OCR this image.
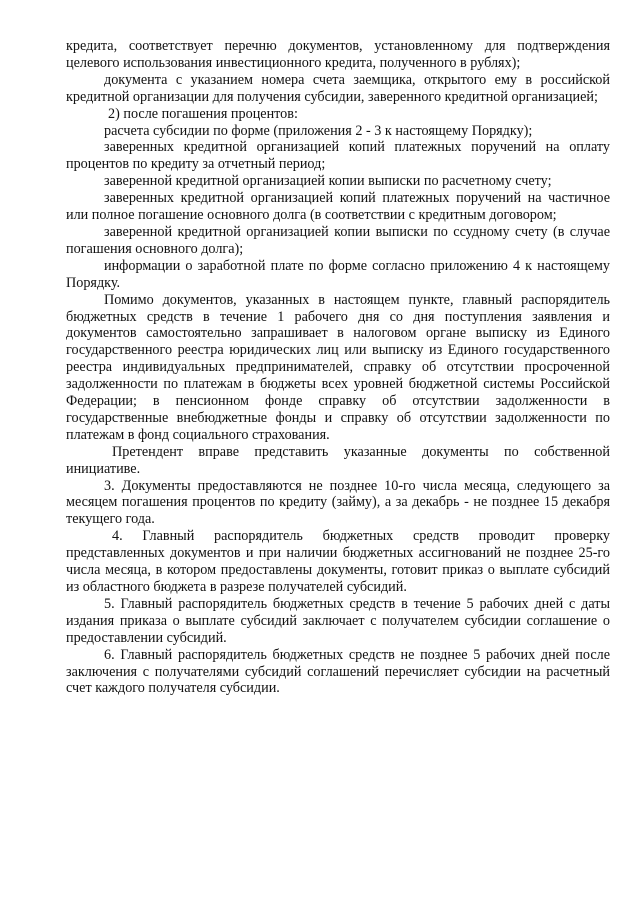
кредита, соответствует перечню документов, установленному для подтверждения целевого использования инвестиционного кредита, полученного в рублях);

документа с указанием номера счета заемщика, открытого ему в российской кредитной организации для получения субсидии, заверенного кредитной организацией;

2) после погашения процентов:

расчета субсидии по форме (приложения 2 - 3 к настоящему Порядку);

заверенных кредитной организацией копий платежных поручений на оплату процентов по кредиту за отчетный период;

заверенной кредитной организацией копии выписки по расчетному счету;

заверенных кредитной организацией копий платежных поручений на частичное или полное погашение основного долга (в соответствии с кредитным договором;

заверенной кредитной организацией копии выписки по ссудному счету (в случае погашения основного долга);

информации о заработной плате по форме согласно приложению 4 к настоящему Порядку.

Помимо документов, указанных в настоящем пункте, главный распорядитель бюджетных средств в течение 1 рабочего дня со дня поступления заявления и документов самостоятельно запрашивает в налоговом органе выписку из Единого государственного реестра юридических лиц или выписку из Единого государственного реестра индивидуальных предпринимателей, справку об отсутствии просроченной задолженности по платежам в бюджеты всех уровней бюджетной системы Российской Федерации; в пенсионном фонде справку об отсутствии задолженности в государственные внебюджетные фонды и справку об отсутствии задолженности по платежам в фонд социального страхования.

Претендент вправе представить указанные документы по собственной инициативе.

3. Документы предоставляются не позднее 10-го числа месяца, следующего за месяцем погашения процентов по кредиту (займу), а за декабрь - не позднее 15 декабря текущего года.

4. Главный распорядитель бюджетных средств проводит проверку представленных документов и при наличии бюджетных ассигнований не позднее 25-го числа месяца, в котором предоставлены документы, готовит приказ о выплате субсидий из областного бюджета в разрезе получателей субсидий.

5. Главный распорядитель бюджетных средств в течение 5 рабочих дней с даты издания приказа о выплате субсидий заключает с получателем субсидии соглашение о предоставлении субсидий.

6. Главный распорядитель бюджетных средств не позднее 5 рабочих дней после заключения с получателями субсидий соглашений перечисляет субсидии на расчетный счет каждого получателя субсидии.
